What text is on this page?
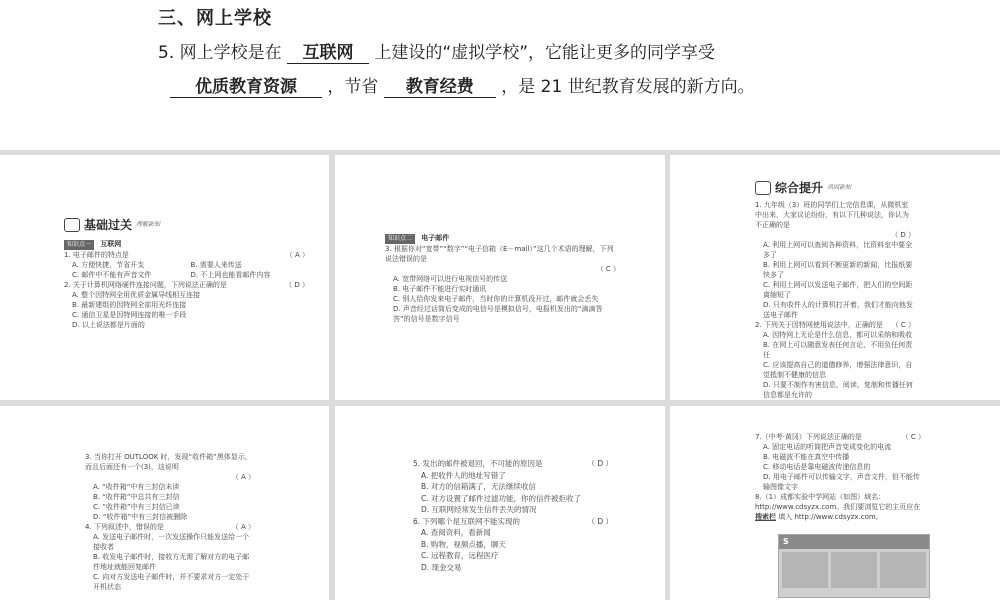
三、网上学校
5. 网上学校是在 互联网 上建设的“虚拟学校”，它能让更多的同学享受
优质教育资源 ，节省 教育经费 ，是 21 世纪教育发展的新方向。
基础过关 理解新知
知识点一 互联网
1. 电子邮件的特点是	（ A ）
A. 方便快捷，节省开支	B. 需要人来传送
C. 邮件中不能有声音文件	D. 不上网也能看邮件内容
2. 关于计算机网络硬件连接问题，下列说法正确的是	（ D ）
A. 整个因特网全用优质金属导线相互连接
B. 最新建组的因特网全部用光纤连接
C. 通信卫星是因特网连接的唯一手段
D. 以上说法都是片面的
知识点二 电子邮件
3. 根据你对“宽带”“数字”“电子信箱（E－mail）”这几个术语的理解，下列说法错误的是
（ C ）
A. 宽带网络可以进行电视信号的传送
B. 电子邮件不能进行实时通讯
C. 别人给你发来电子邮件，当时你的计算机没开过，邮件就会丢失
D. 声音经过话筒后变成的电信号是模拟信号，电报机发出的“滴滴答答”的信号是数字信号
综合提升 巩固新知
1. 九年级（3）班的同学们上完信息课，从微机室中出来，大家议论纷纷，有以下几种说法，你认为不正确的是
（ D ）
A. 利用上网可以查阅各种资料，比资料室中要全多了
B. 利用上网可以看到不断更新的新闻，比报纸要快多了
C. 利用上网可以发送电子邮件，把人们的空间距离缩短了
D. 只有收件人的计算机打开着，我们才能向他发送电子邮件
2. 下列关于因特网使用说法中，正确的是 （ C ）
A. 因特网上无论是什么信息，都可以采纳和吸收
B. 在网上可以随意发表任何言论，不用负任何责任
C. 应该提高自己的道德修养，增强法律意识，自觉抵制不健康的信息
D. 只要不制作有害信息，阅读、复制和传播任何信息都是允许的
3. 当你打开 OUTLOOK 时，发现“收件箱”黑体显示，而且后面还有一个(3)，这说明
（ A ）
A. “收件箱”中有三封信未读
B. “收件箱”中总共有三封信
C. “收件箱”中有三封信已读
D. “收件箱”中有三封信被删除
4. 下列叙述中，错误的是	（ A ）
A. 发送电子邮件时，一次发送操作只能发送给一个接收者
B. 收发电子邮件时，接收方无需了解对方的电子邮件地址就能回复邮件
C. 向对方发送电子邮件时，并不要求对方一定处于开机状态
5. 发出的邮件被退回，不可能的原因是	（ D ）
A. 把收件人的地址写错了
B. 对方的信箱满了，无法继续收信
C. 对方设置了邮件过滤功能，你的信件被拒收了
D. 互联网经常发生信件丢失的情况
6. 下列哪个是互联网不能实现的	（ D ）
A. 查阅资料，看新闻
B. 购物，视频点播，聊天
C. 远程教育，远程医疗
D. 现金交易
7.（中考·黄冈）下列说法正确的是	（ C ）
A. 固定电话的听筒把声音变成变化的电流
B. 电磁波不能在真空中传播
C. 移动电话是靠电磁波传递信息的
D. 用电子邮件可以传输文字，声音文件，但不能传输图像文字
8.（1）成都实验中学网站（如图）域名：http://www.cdsyzx.com。我们要浏览它的主页应在 搜索栏 填入 http://www.cdsyzx.com。
S
